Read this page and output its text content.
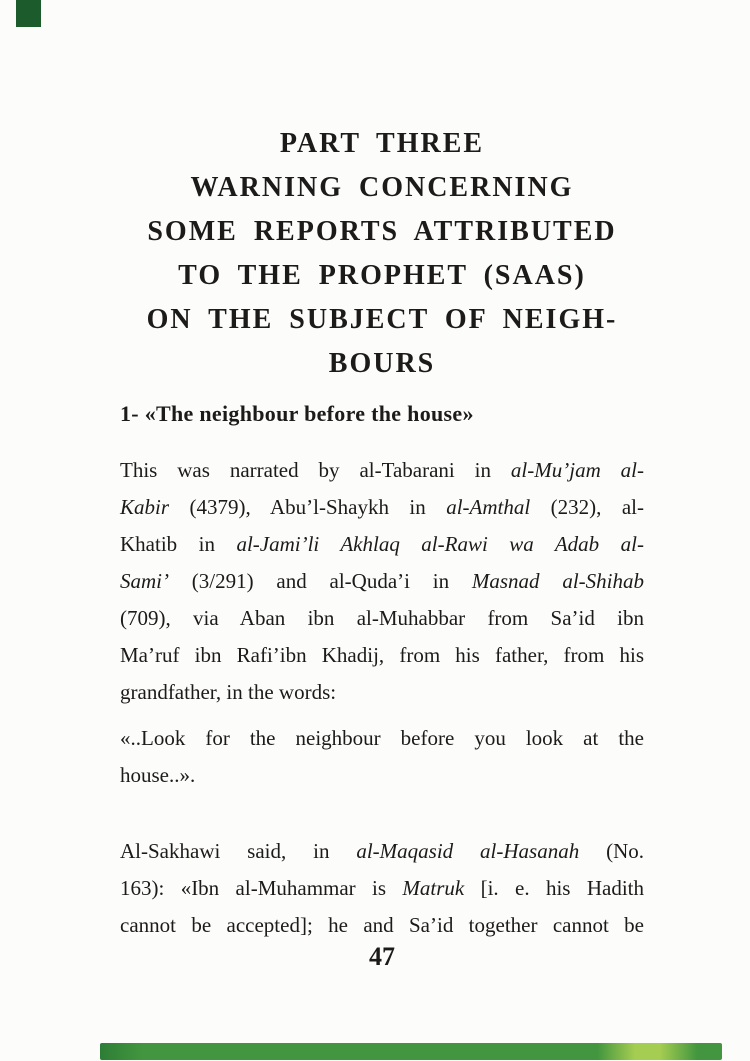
PART THREE
WARNING CONCERNING
SOME REPORTS ATTRIBUTED
TO THE PROPHET (SAAS)
ON THE SUBJECT OF NEIGH-
BOURS
1- «The neighbour before the house»
This was narrated by al-Tabarani in al-Mu’jam al-
Kabir (4379), Abu’l-Shaykh in al-Amthal (232), al-
Khatib in al-Jami’li Akhlaq al-Rawi wa Adab al-
Sami’ (3/291) and al-Quda’i in Masnad al-Shihab
(709), via Aban ibn al-Muhabbar from Sa’id ibn
Ma’ruf ibn Rafi’ibn Khadij, from his father, from his
grandfather, in the words:
«..Look for the neighbour before you look at the
house..».
Al-Sakhawi said, in al-Maqasid al-Hasanah (No.
163): «Ibn al-Muhammar is Matruk [i. e. his Hadith
cannot be accepted]; he and Sa’id together cannot be
47
